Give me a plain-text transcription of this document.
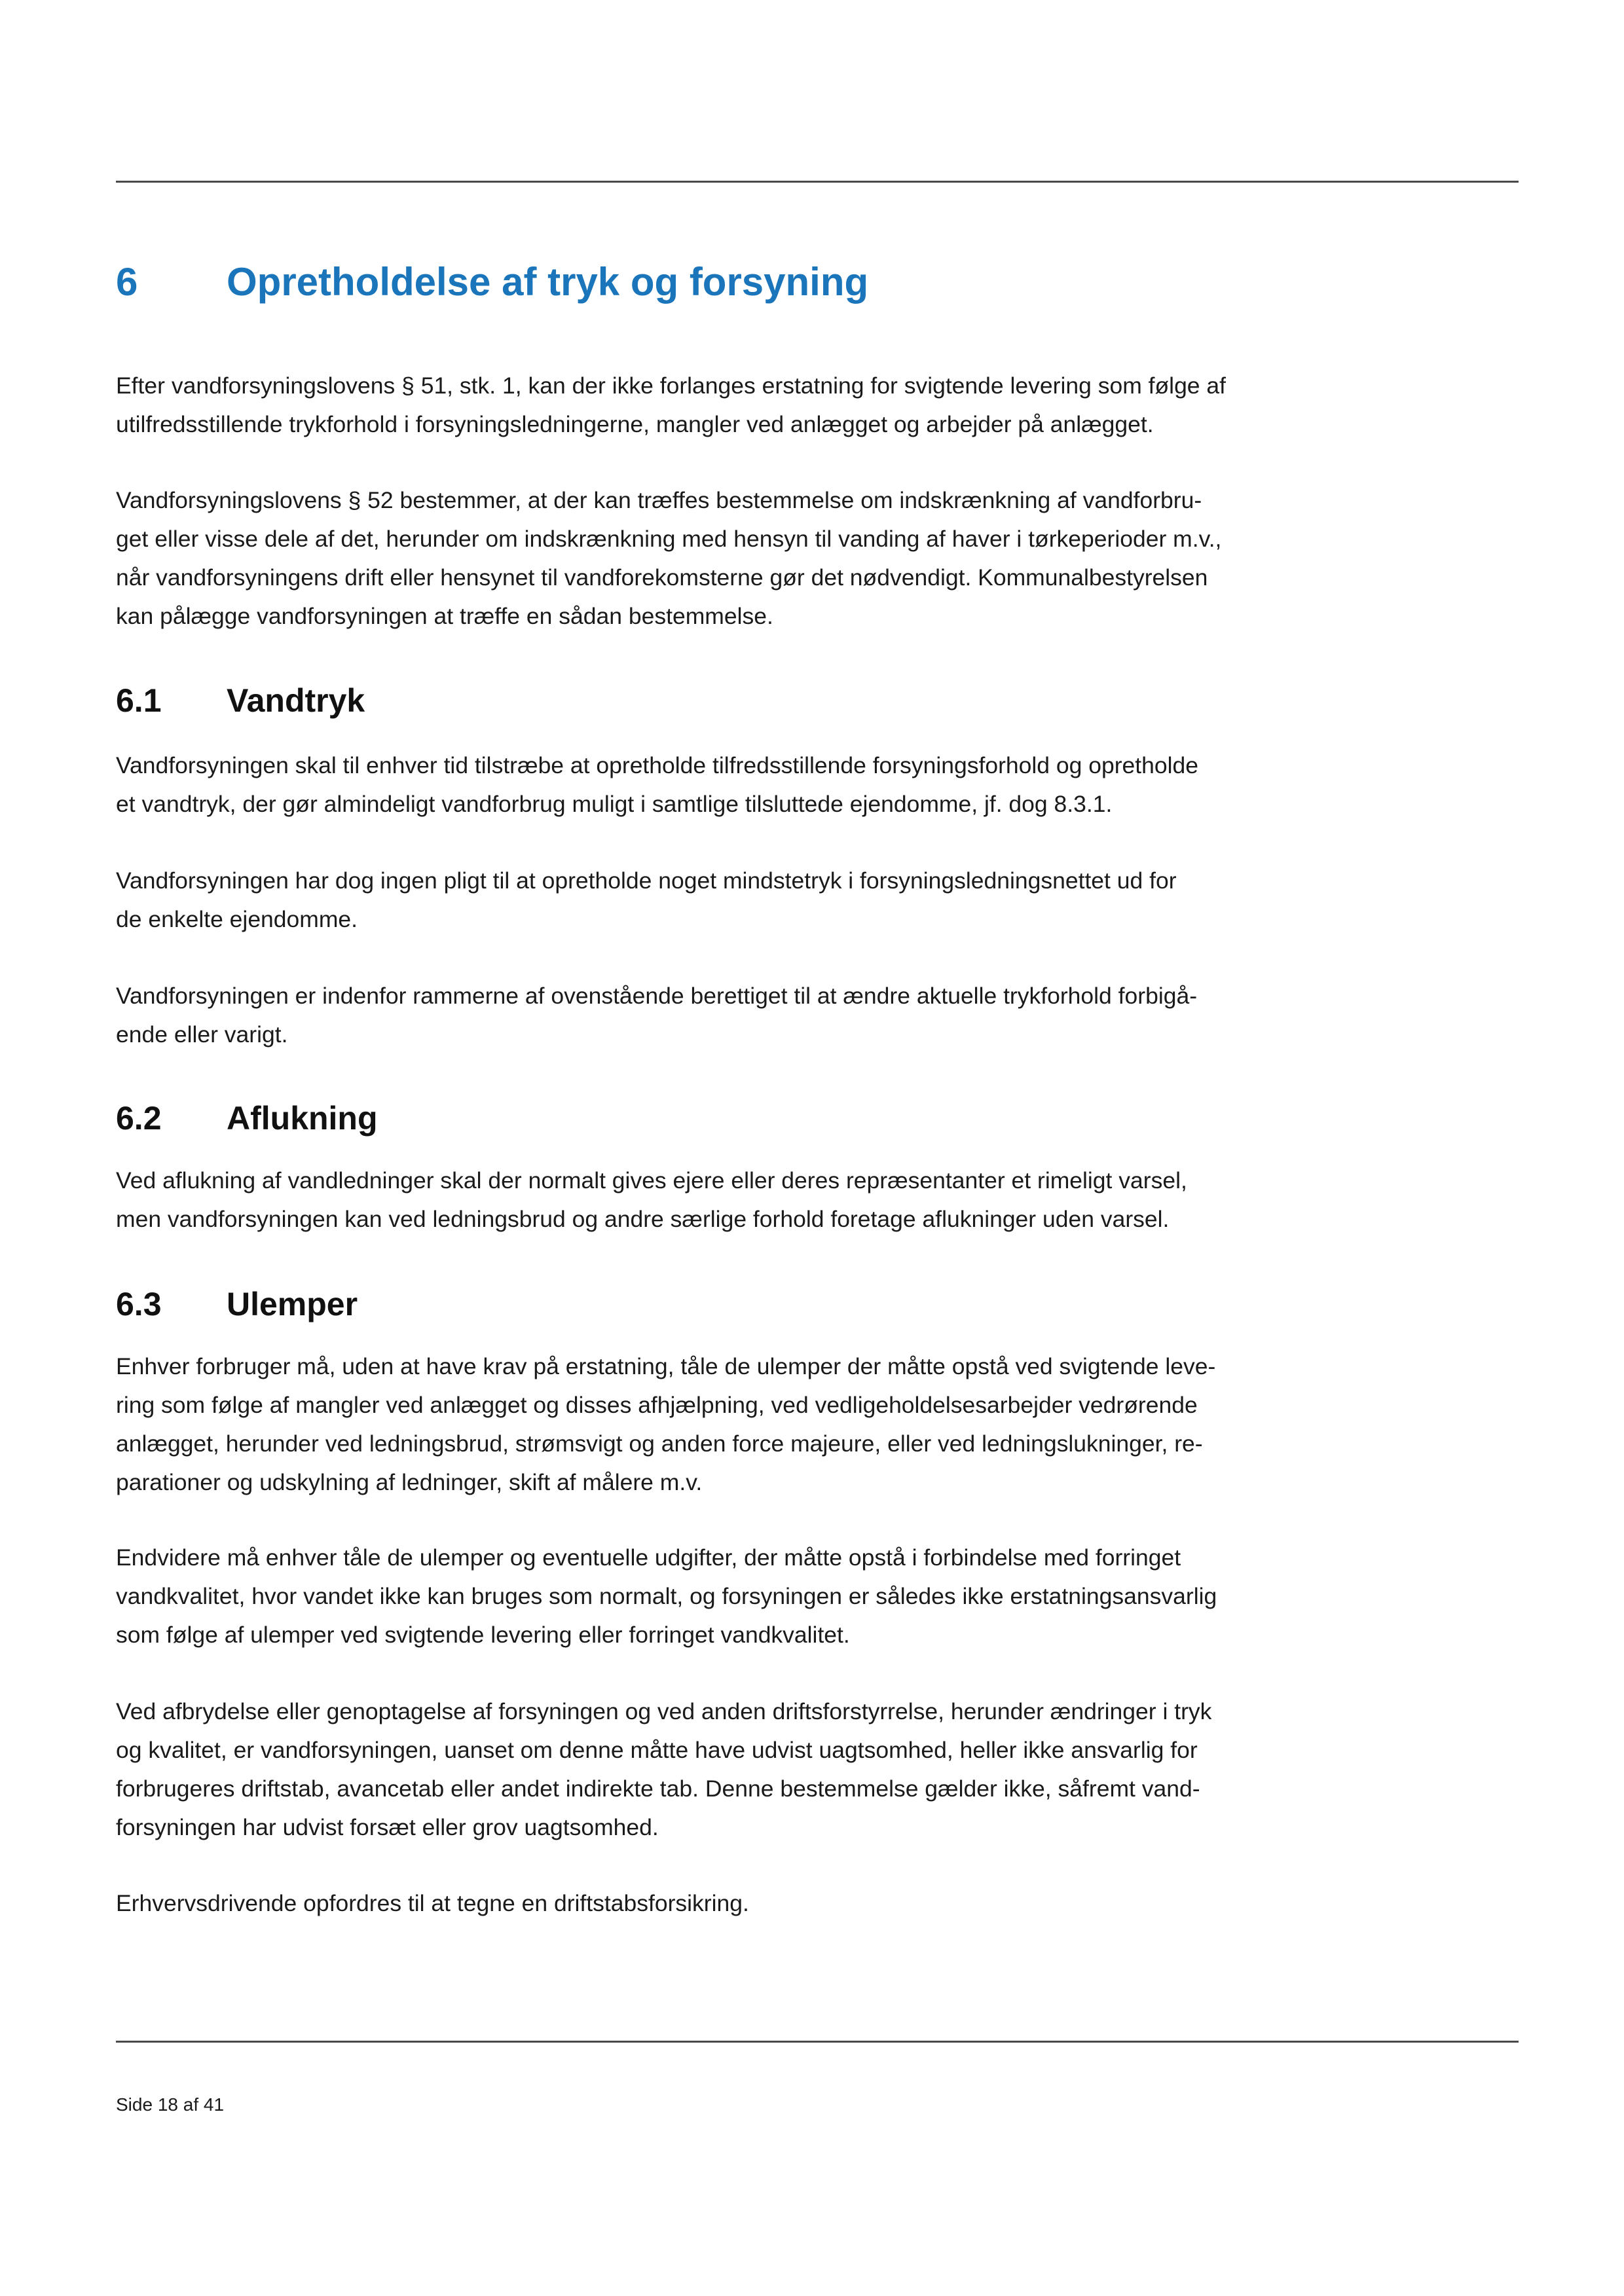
6	Opretholdelse af tryk og forsyning

Efter vandforsyningslovens § 51, stk. 1, kan der ikke forlanges erstatning for svigtende levering som følge af
utilfredsstillende trykforhold i forsyningsledningerne, mangler ved anlægget og arbejder på anlægget.

Vandforsyningslovens § 52 bestemmer, at der kan træffes bestemmelse om indskrænkning af vandforbru-
get eller visse dele af det, herunder om indskrænkning med hensyn til vanding af haver i tørkeperioder m.v.,
når vandforsyningens drift eller hensynet til vandforekomsterne gør det nødvendigt. Kommunalbestyrelsen
kan pålægge vandforsyningen at træffe en sådan bestemmelse.

6.1	Vandtryk

Vandforsyningen skal til enhver tid tilstræbe at opretholde tilfredsstillende forsyningsforhold og opretholde
et vandtryk, der gør almindeligt vandforbrug muligt i samtlige tilsluttede ejendomme, jf. dog 8.3.1.

Vandforsyningen har dog ingen pligt til at opretholde noget mindstetryk i forsyningsledningsnettet ud for
de enkelte ejendomme.

Vandforsyningen er indenfor rammerne af ovenstående berettiget til at ændre aktuelle trykforhold forbigå-
ende eller varigt.

6.2	Aflukning

Ved aflukning af vandledninger skal der normalt gives ejere eller deres repræsentanter et rimeligt varsel,
men vandforsyningen kan ved ledningsbrud og andre særlige forhold foretage aflukninger uden varsel.

6.3	Ulemper

Enhver forbruger må, uden at have krav på erstatning, tåle de ulemper der måtte opstå ved svigtende leve-
ring som følge af mangler ved anlægget og disses afhjælpning, ved vedligeholdelsesarbejder vedrørende
anlægget, herunder ved ledningsbrud, strømsvigt og anden force majeure, eller ved ledningslukninger, re-
parationer og udskylning af ledninger, skift af målere m.v.

Endvidere må enhver tåle de ulemper og eventuelle udgifter, der måtte opstå i forbindelse med forringet
vandkvalitet, hvor vandet ikke kan bruges som normalt, og forsyningen er således ikke erstatningsansvarlig
som følge af ulemper ved svigtende levering eller forringet vandkvalitet.

Ved afbrydelse eller genoptagelse af forsyningen og ved anden driftsforstyrrelse, herunder ændringer i tryk
og kvalitet, er vandforsyningen, uanset om denne måtte have udvist uagtsomhed, heller ikke ansvarlig for
forbrugeres driftstab, avancetab eller andet indirekte tab. Denne bestemmelse gælder ikke, såfremt vand-
forsyningen har udvist forsæt eller grov uagtsomhed.

Erhvervsdrivende opfordres til at tegne en driftstabsforsikring.

Side 18 af 41
